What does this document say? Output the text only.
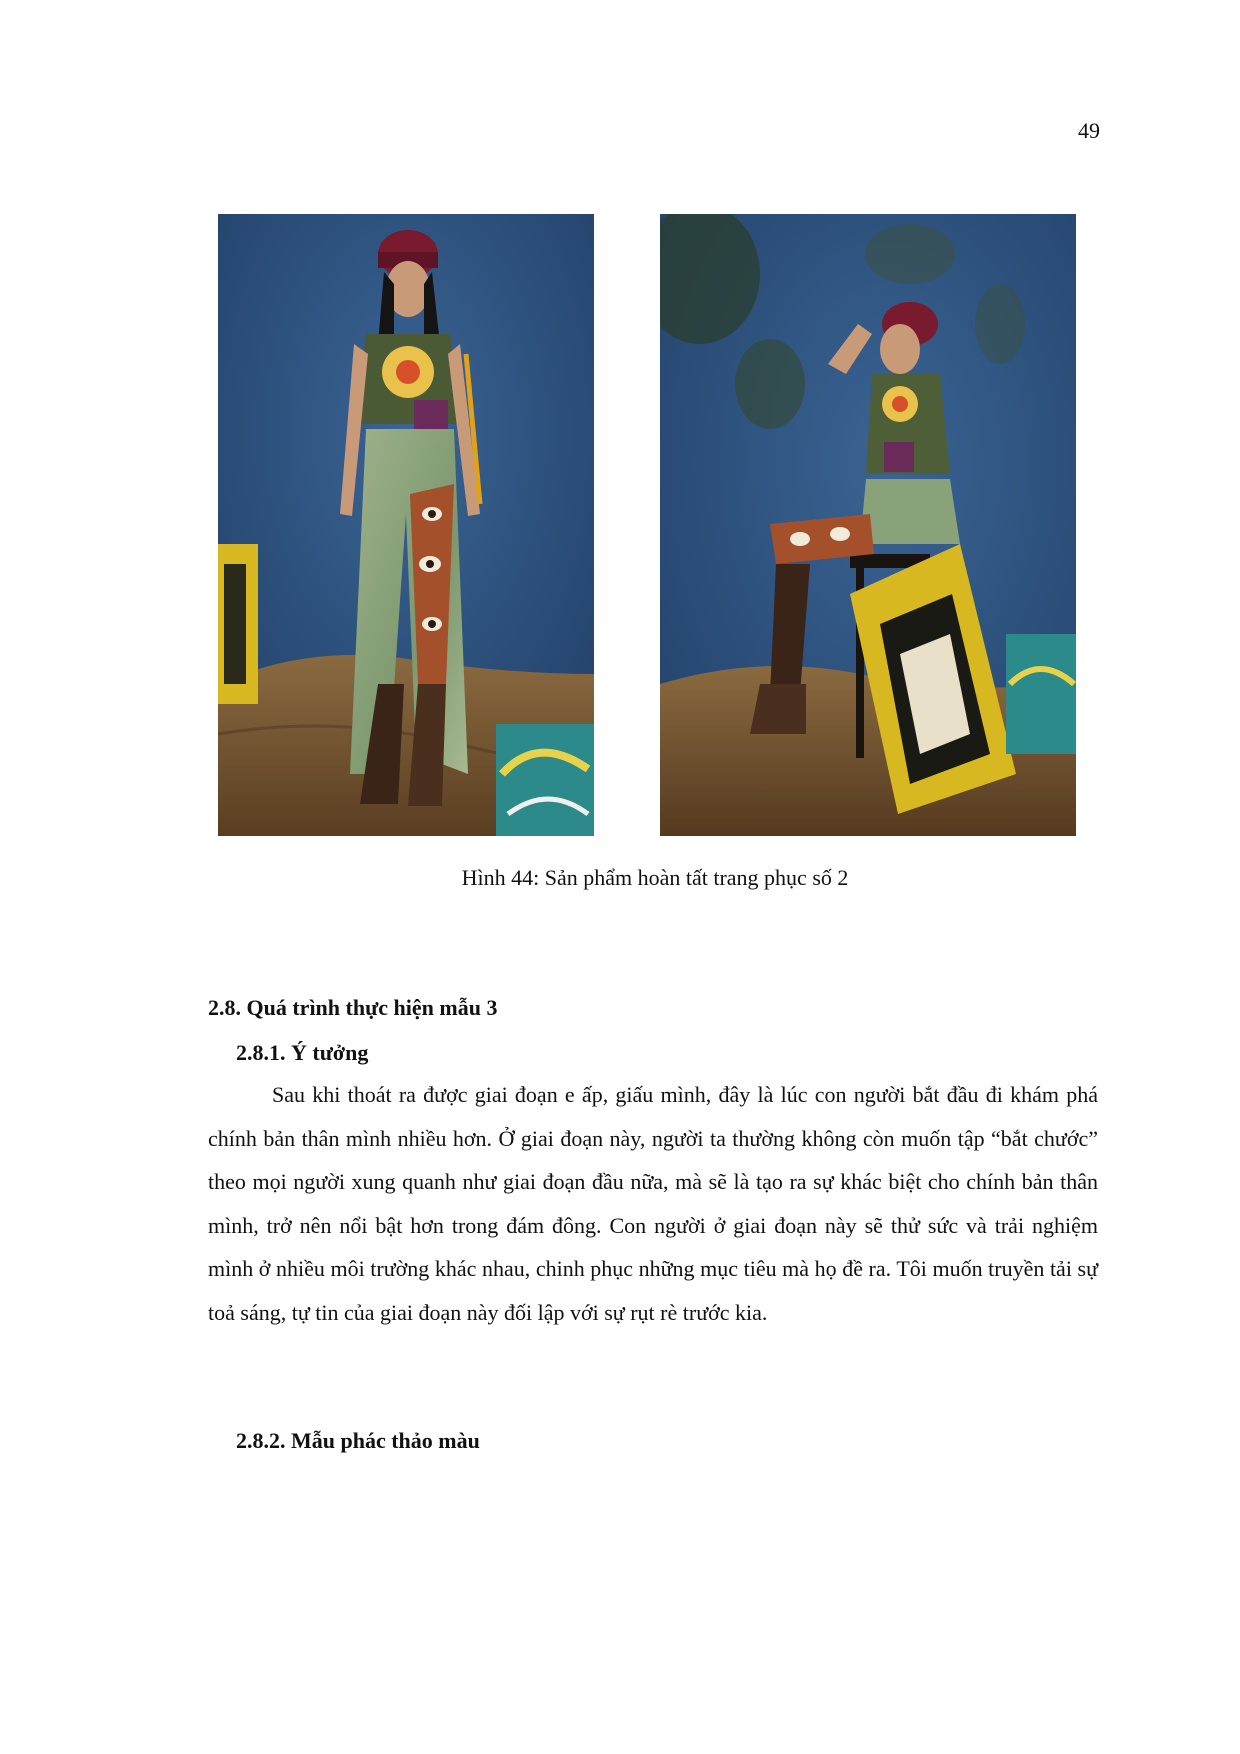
49
Hình 44: Sản phẩm hoàn tất trang phục số 2
2.8. Quá trình thực hiện mẫu 3
2.8.1. Ý tưởng

Sau khi thoát ra được giai đoạn e ấp, giấu mình, đây là lúc con người bắt đầu đi khám phá chính bản thân mình nhiều hơn. Ở giai đoạn này, người ta thường không còn muốn tập “bắt chước” theo mọi người xung quanh như giai đoạn đầu nữa, mà sẽ là tạo ra sự khác biệt cho chính bản thân mình, trở nên nổi bật hơn trong đám đông. Con người ở giai đoạn này sẽ thử sức và trải nghiệm mình ở nhiều môi trường khác nhau, chinh phục những mục tiêu mà họ đề ra. Tôi muốn truyền tải sự toả sáng, tự tin của giai đoạn này đối lập với sự rụt rè trước kia.

2.8.2. Mẫu phác thảo màu
